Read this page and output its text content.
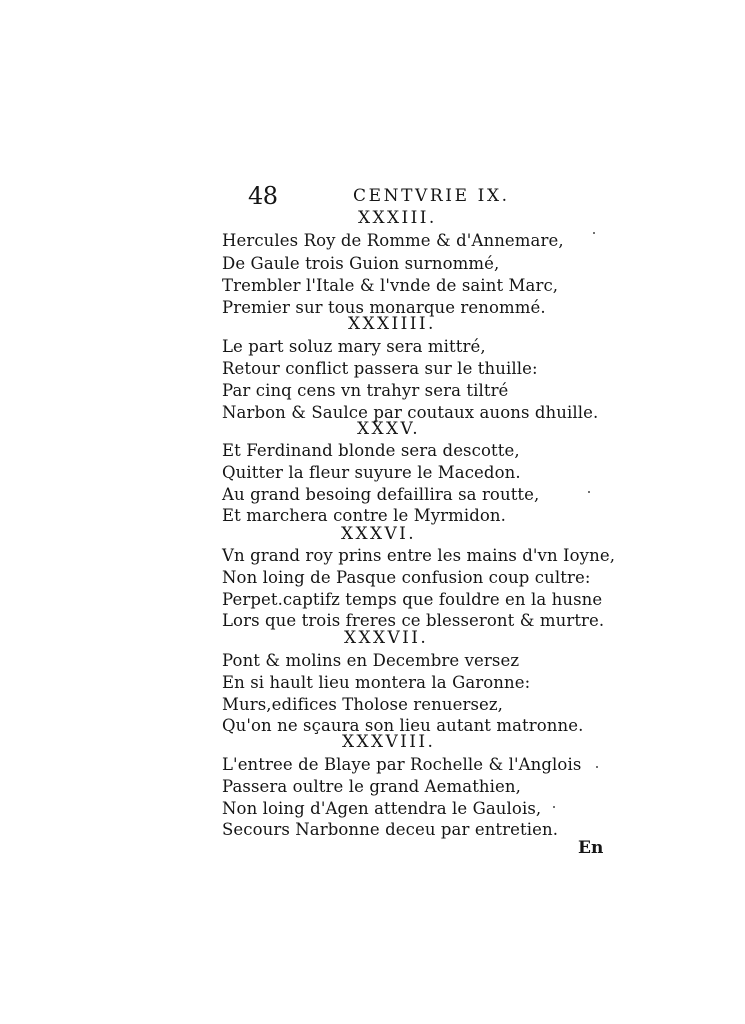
48	CENTVRIE IX.
XXXIII.
Hercules Roy de Romme & d'Annemare,
De Gaule trois Guion surnommé,
Trembler l'Itale & l'vnde de saint Marc,
Premier sur tous monarque renommé.
XXXIIII.
Le part soluz mary sera mittré,
Retour conflict passera sur le thuille:
Par cinq cens vn trahyr sera tiltré
Narbon & Saulce par coutaux auons dhuille.
XXXV.
Et Ferdinand blonde sera descotte,
Quitter la fleur suyure le Macedon.
Au grand besoing defaillira sa routte,
Et marchera contre le Myrmidon.
XXXVI.
Vn grand roy prins entre les mains d'vn Ioyne,
Non loing de Pasque confusion coup cultre:
Perpet.captifz temps que fouldre en la husne
Lors que trois freres ce blesseront & murtre.
XXXVII.
Pont & molins en Decembre versez
En si hault lieu montera la Garonne:
Murs,edifices Tholose renuersez,
Qu'on ne sçaura son lieu autant matronne.
XXXVIII.
L'entree de Blaye par Rochelle & l'Anglois
Passera oultre le grand Aemathien,
Non loing d'Agen attendra le Gaulois,
Secours Narbonne deceu par entretien.
En
